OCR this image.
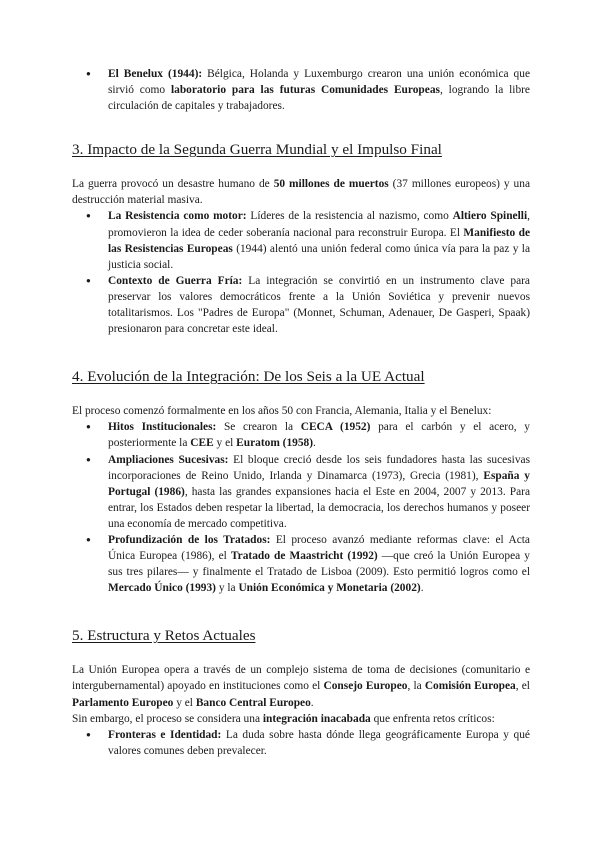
● El Benelux (1944): Bélgica, Holanda y Luxemburgo crearon una unión económica que sirvió como laboratorio para las futuras Comunidades Europeas, logrando la libre circulación de capitales y trabajadores.
3. Impacto de la Segunda Guerra Mundial y el Impulso Final

La guerra provocó un desastre humano de 50 millones de muertos (37 millones europeos) y una destrucción material masiva.

● La Resistencia como motor: Líderes de la resistencia al nazismo, como Altiero Spinelli, promovieron la idea de ceder soberanía nacional para reconstruir Europa. El Manifiesto de las Resistencias Europeas (1944) alentó una unión federal como única vía para la paz y la justicia social.
● Contexto de Guerra Fría: La integración se convirtió en un instrumento clave para preservar los valores democráticos frente a la Unión Soviética y prevenir nuevos totalitarismos. Los "Padres de Europa" (Monnet, Schuman, Adenauer, De Gasperi, Spaak) presionaron para concretar este ideal.
4. Evolución de la Integración: De los Seis a la UE Actual

El proceso comenzó formalmente en los años 50 con Francia, Alemania, Italia y el Benelux:

● Hitos Institucionales: Se crearon la CECA (1952) para el carbón y el acero, y posteriormente la CEE y el Euratom (1958).
● Ampliaciones Sucesivas: El bloque creció desde los seis fundadores hasta las sucesivas incorporaciones de Reino Unido, Irlanda y Dinamarca (1973), Grecia (1981), España y Portugal (1986), hasta las grandes expansiones hacia el Este en 2004, 2007 y 2013. Para entrar, los Estados deben respetar la libertad, la democracia, los derechos humanos y poseer una economía de mercado competitiva.
● Profundización de los Tratados: El proceso avanzó mediante reformas clave: el Acta Única Europea (1986), el Tratado de Maastricht (1992) —que creó la Unión Europea y sus tres pilares— y finalmente el Tratado de Lisboa (2009). Esto permitió logros como el Mercado Único (1993) y la Unión Económica y Monetaria (2002).
5. Estructura y Retos Actuales

La Unión Europea opera a través de un complejo sistema de toma de decisiones (comunitario e intergubernamental) apoyado en instituciones como el Consejo Europeo, la Comisión Europea, el Parlamento Europeo y el Banco Central Europeo.

Sin embargo, el proceso se considera una integración inacabada que enfrenta retos críticos:

● Fronteras e Identidad: La duda sobre hasta dónde llega geográficamente Europa y qué valores comunes deben prevalecer.
